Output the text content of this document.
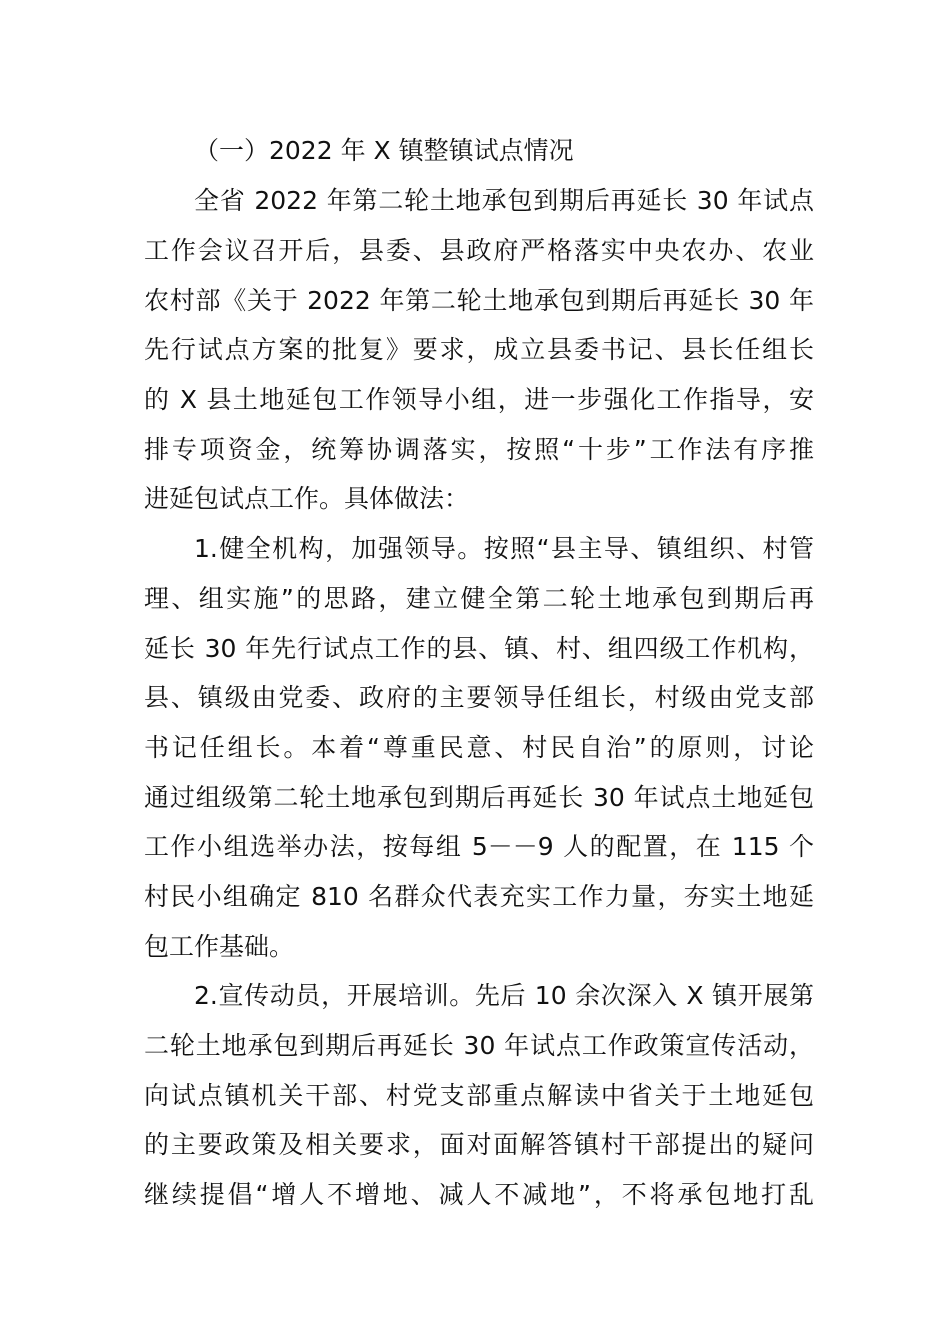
（一）2022 年 X 镇整镇试点情况
全省 2022 年第二轮土地承包到期后再延长 30 年试点
工作会议召开后，县委、县政府严格落实中央农办、农业
农村部《关于 2022 年第二轮土地承包到期后再延长 30 年
先行试点方案的批复》要求，成立县委书记、县长任组长
的 X 县土地延包工作领导小组，进一步强化工作指导，安
排专项资金，统筹协调落实，按照“十步”工作法有序推
进延包试点工作。具体做法：
1.健全机构，加强领导。按照“县主导、镇组织、村管
理、组实施”的思路，建立健全第二轮土地承包到期后再
延长 30 年先行试点工作的县、镇、村、组四级工作机构，
县、镇级由党委、政府的主要领导任组长，村级由党支部
书记任组长。本着“尊重民意、村民自治”的原则，讨论
通过组级第二轮土地承包到期后再延长 30 年试点土地延包
工作小组选举办法，按每组 5－－9 人的配置，在 115 个
村民小组确定 810 名群众代表充实工作力量，夯实土地延
包工作基础。
2.宣传动员，开展培训。先后 10 余次深入 X 镇开展第
二轮土地承包到期后再延长 30 年试点工作政策宣传活动，
向试点镇机关干部、村党支部重点解读中省关于土地延包
的主要政策及相关要求，面对面解答镇村干部提出的疑问
继续提倡“增人不增地、减人不减地”，不将承包地打乱
